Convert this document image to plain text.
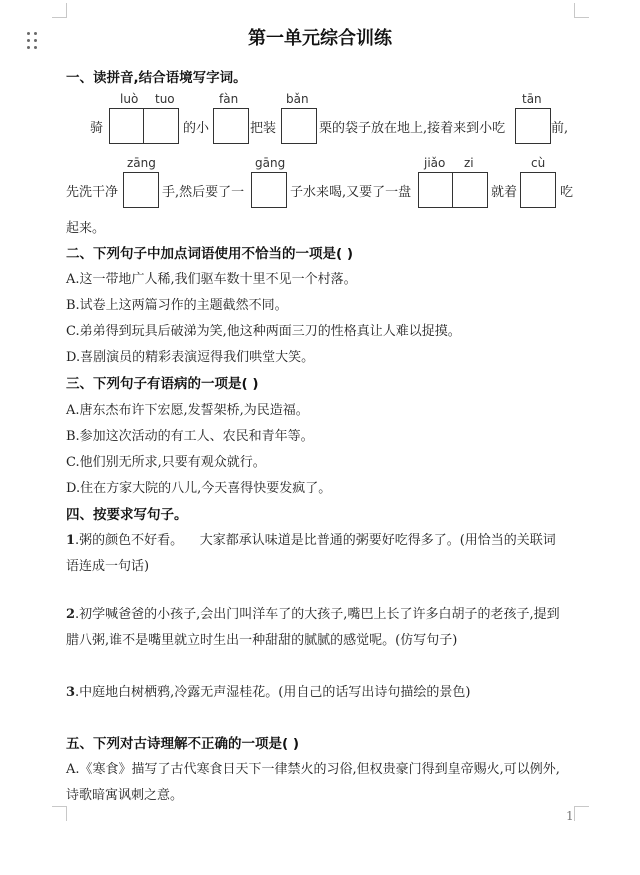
第一单元综合训练
一、读拼音,结合语境写字词。
luò tuo	fàn	bǎn	tān
骑	的小	把装	栗的袋子放在地上,接着来到小吃	前,
zāng	gāng	jiǎo zi	cù
先洗干净	手,然后要了一	子水来喝,又要了一盘	就着	吃
起来。
二、下列句子中加点词语使用不恰当的一项是( )
A.这一带地广人稀,我们驱车数十里不见一个村落。
B.试卷上这两篇习作的主题截然不同。
C.弟弟得到玩具后破涕为笑,他这种两面三刀的性格真让人难以捉摸。
D.喜剧演员的精彩表演逗得我们哄堂大笑。
三、下列句子有语病的一项是( )
A.唐东杰布许下宏愿,发誓架桥,为民造福。
B.参加这次活动的有工人、农民和青年等。
C.他们别无所求,只要有观众就行。
D.住在方家大院的八儿,今天喜得快要发疯了。
四、按要求写句子。
1.粥的颜色不好看。    大家都承认味道是比普通的粥要好吃得多了。(用恰当的关联词
语连成一句话)
2.初学喊爸爸的小孩子,会出门叫洋车了的大孩子,嘴巴上长了许多白胡子的老孩子,提到
腊八粥,谁不是嘴里就立时生出一种甜甜的腻腻的感觉呢。(仿写句子)
3.中庭地白树栖鸦,冷露无声湿桂花。(用自己的话写出诗句描绘的景色)
五、下列对古诗理解不正确的一项是( )
A.《寒食》描写了古代寒食日天下一律禁火的习俗,但权贵豪门得到皇帝赐火,可以例外,
诗歌暗寓讽刺之意。
1
